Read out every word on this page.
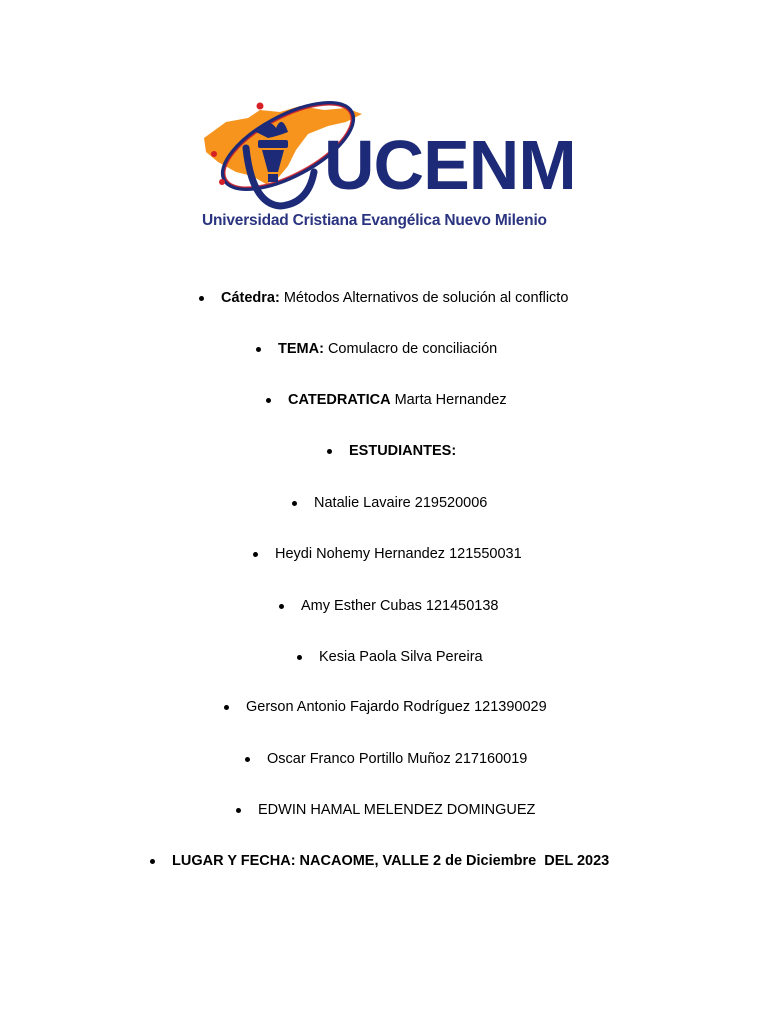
UCENM
Universidad Cristiana Evangélica Nuevo Milenio
Cátedra: Métodos Alternativos de solución al conflicto
TEMA: Comulacro de conciliación
CATEDRATICA Marta Hernandez
ESTUDIANTES:
Natalie Lavaire 219520006
Heydi Nohemy Hernandez 121550031
Amy Esther Cubas 121450138
Kesia Paola Silva Pereira
Gerson Antonio Fajardo Rodríguez 121390029
Oscar Franco Portillo Muñoz 217160019
EDWIN HAMAL MELENDEZ DOMINGUEZ
LUGAR Y FECHA: NACAOME, VALLE 2 de Diciembre  DEL 2023
